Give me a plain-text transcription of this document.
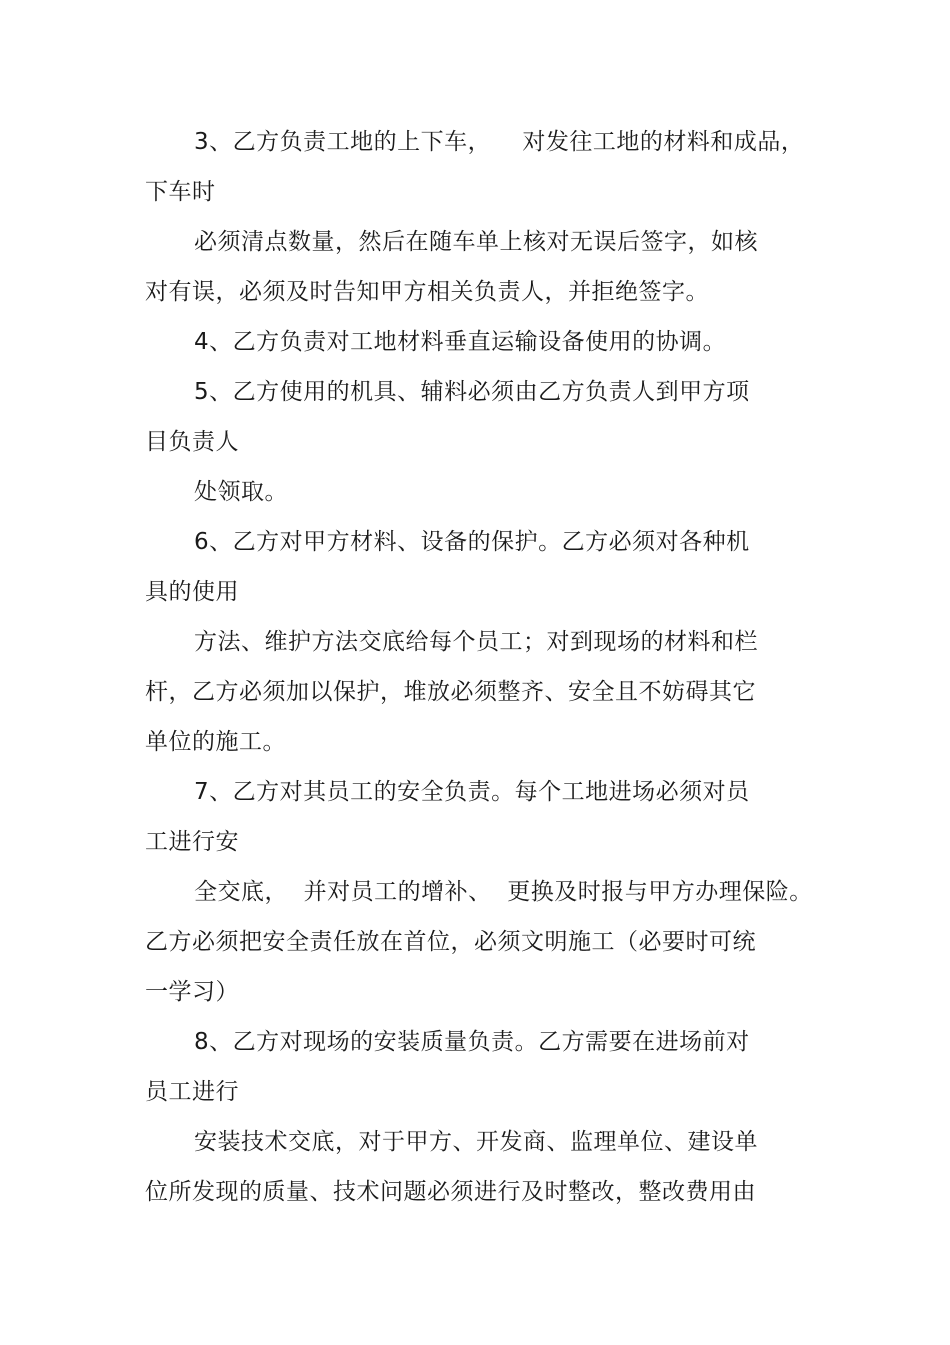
3、乙方负责工地的上下车，    对发往工地的材料和成品，
下车时
必须清点数量，然后在随车单上核对无误后签字，如核
对有误，必须及时告知甲方相关负责人，并拒绝签字。
4、乙方负责对工地材料垂直运输设备使用的协调。
5、乙方使用的机具、辅料必须由乙方负责人到甲方项
目负责人
处领取。
6、乙方对甲方材料、设备的保护。乙方必须对各种机
具的使用
方法、维护方法交底给每个员工；对到现场的材料和栏
杆，乙方必须加以保护，堆放必须整齐、安全且不妨碍其它
单位的施工。
7、乙方对其员工的安全负责。每个工地进场必须对员
工进行安
全交底，  并对员工的增补、  更换及时报与甲方办理保险。
乙方必须把安全责任放在首位，必须文明施工（必要时可统
一学习）
8、乙方对现场的安装质量负责。乙方需要在进场前对
员工进行
安装技术交底，对于甲方、开发商、监理单位、建设单
位所发现的质量、技术问题必须进行及时整改，整改费用由
